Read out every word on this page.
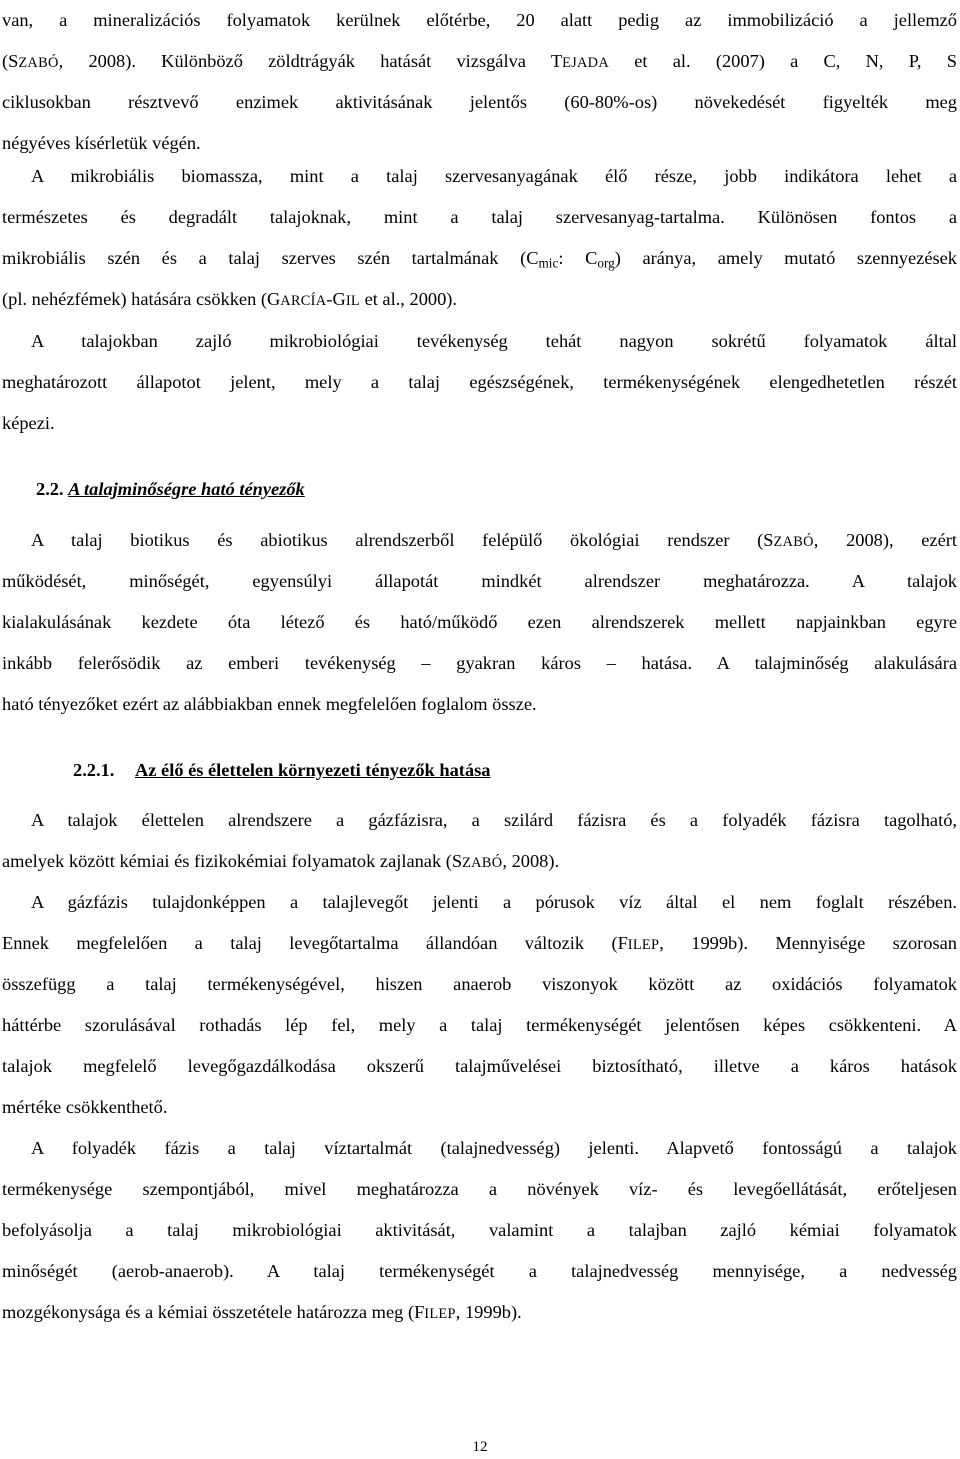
van, a mineralizációs folyamatok kerülnek előtérbe, 20 alatt pedig az immobilizáció a jellemző
(SZABÓ, 2008). Különböző zöldtrágyák hatását vizsgálva TEJADA et al. (2007) a C, N, P, S
ciklusokban résztvevő enzimek aktivitásának jelentős (60-80%-os) növekedését figyelték meg
négyéves kísérletük végén.
A mikrobiális biomassza, mint a talaj szervesanyagának élő része, jobb indikátora lehet a
természetes és degradált talajoknak, mint a talaj szervesanyag-tartalma. Különösen fontos a
mikrobiális szén és a talaj szerves szén tartalmának ($C_{mic}$: $C_{org}$) aránya, amely mutató szennyezések
(pl. nehézfémek) hatására csökken (GARCÍA-GIL et al., 2000).
A talajokban zajló mikrobiológiai tevékenység tehát nagyon sokrétű folyamatok által
meghatározott állapotot jelent, mely a talaj egészségének, termékenységének elengedhetetlen részét
képezi.
2.2. A talajminőségre ható tényezők
A talaj biotikus és abiotikus alrendszerből felépülő ökológiai rendszer (SZABÓ, 2008), ezért
működését, minőségét, egyensúlyi állapotát mindkét alrendszer meghatározza. A talajok
kialakulásának kezdete óta létező és ható/működő ezen alrendszerek mellett napjainkban egyre
inkább felerősödik az emberi tevékenység – gyakran káros – hatása. A talajminőség alakulására
ható tényezőket ezért az alábbiakban ennek megfelelően foglalom össze.
2.2.1. Az élő és élettelen környezeti tényezők hatása
A talajok élettelen alrendszere a gázfázisra, a szilárd fázisra és a folyadék fázisra tagolható,
amelyek között kémiai és fizikokémiai folyamatok zajlanak (SZABÓ, 2008).
A gázfázis tulajdonképpen a talajlevegőt jelenti a pórusok víz által el nem foglalt részében.
Ennek megfelelően a talaj levegőtartalma állandóan változik (FILEP, 1999b). Mennyisége szorosan
összefügg a talaj termékenységével, hiszen anaerob viszonyok között az oxidációs folyamatok
háttérbe szorulásával rothadás lép fel, mely a talaj termékenységét jelentősen képes csökkenteni. A
talajok megfelelő levegőgazdálkodása okszerű talajművelései biztosítható, illetve a káros hatások
mértéke csökkenthető.
A folyadék fázis a talaj víztartalmát (talajnedvesség) jelenti. Alapvető fontosságú a talajok
termékenysége szempontjából, mivel meghatározza a növények víz- és levegőellátását, erőteljesen
befolyásolja a talaj mikrobiológiai aktivitását, valamint a talajban zajló kémiai folyamatok
minőségét (aerob-anaerob). A talaj termékenységét a talajnedvesség mennyisége, a nedvesség
mozgékonysága és a kémiai összetétele határozza meg (FILEP, 1999b).
12
